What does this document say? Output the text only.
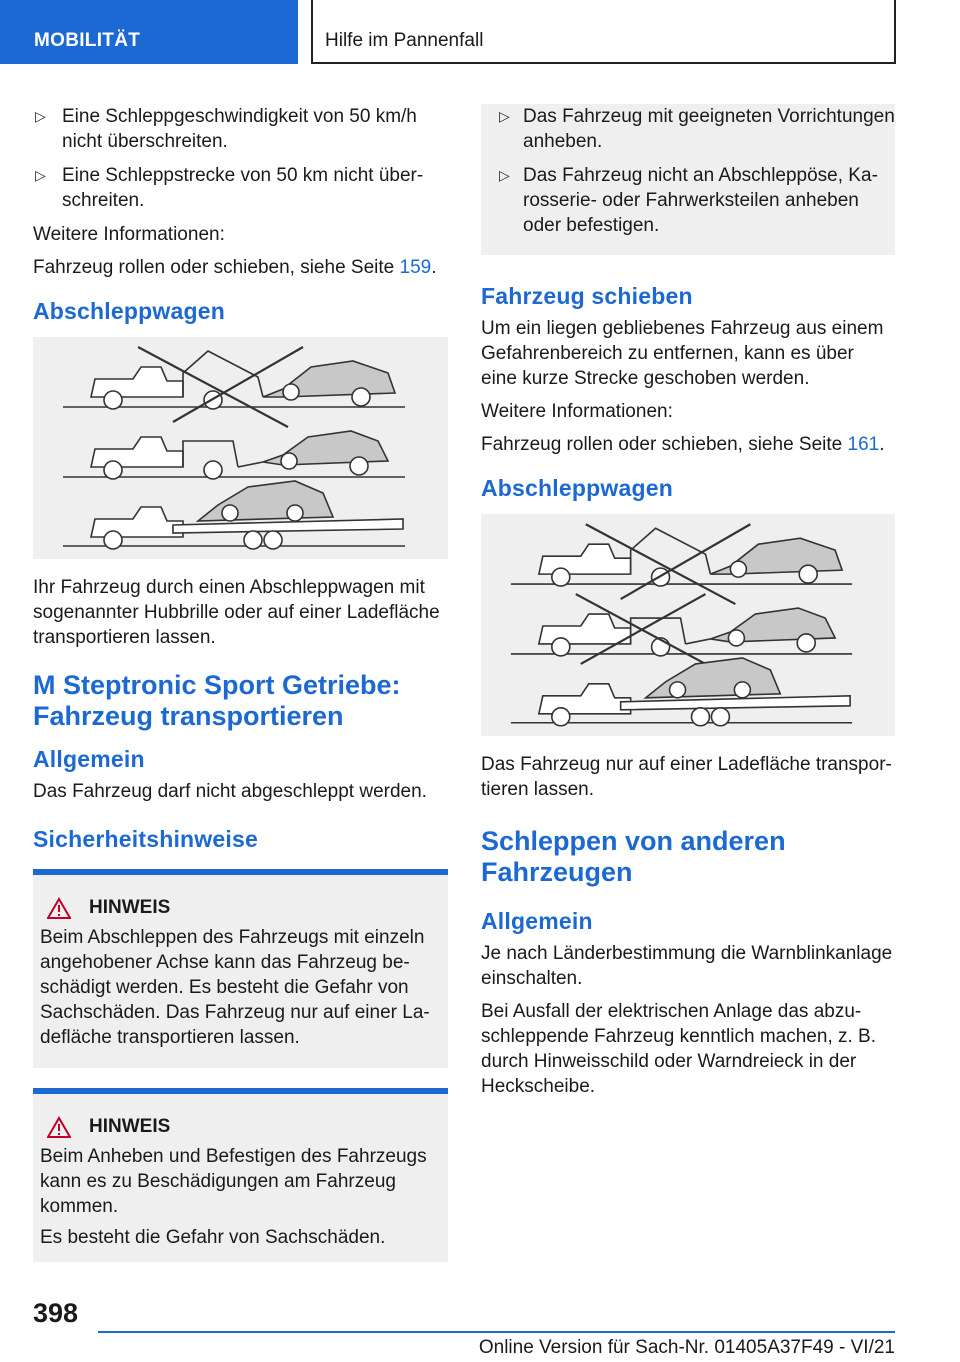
MOBILITÄT	Hilfe im Pannenfall
▷ Eine Schleppgeschwindigkeit von 50 km/h nicht überschreiten.
▷ Eine Schleppstrecke von 50 km nicht überschreiten.

Weitere Informationen:

Fahrzeug rollen oder schieben, siehe Seite 159.

Abschleppwagen

Ihr Fahrzeug durch einen Abschleppwagen mit sogenannter Hubbrille oder auf einer Ladefläche transportieren lassen.

M Steptronic Sport Getriebe: Fahrzeug transportieren
Allgemein

Das Fahrzeug darf nicht abgeschleppt werden.

Sicherheitshinweise
HINWEIS

Beim Abschleppen des Fahrzeugs mit einzeln angehobener Achse kann das Fahrzeug beschädigt werden. Es besteht die Gefahr von Sachschäden. Das Fahrzeug nur auf einer Ladefläche transportieren lassen.

HINWEIS

Beim Anheben und Befestigen des Fahrzeugs kann es zu Beschädigungen am Fahrzeug kommen.

Es besteht die Gefahr von Sachschäden.

▷ Das Fahrzeug mit geeigneten Vorrichtungen anheben.
▷ Das Fahrzeug nicht an Abschleppöse, Karosserie- oder Fahrwerksteilen anheben oder befestigen.
Fahrzeug schieben

Um ein liegen gebliebenes Fahrzeug aus einem Gefahrenbereich zu entfernen, kann es über eine kurze Strecke geschoben werden.

Weitere Informationen:

Fahrzeug rollen oder schieben, siehe Seite 161.

Abschleppwagen

Das Fahrzeug nur auf einer Ladefläche transportieren lassen.

Schleppen von anderen Fahrzeugen
Allgemein

Je nach Länderbestimmung die Warnblinkanlage einschalten.

Bei Ausfall der elektrischen Anlage das abzuschleppende Fahrzeug kenntlich machen, z. B. durch Hinweisschild oder Warndreieck in der Heckscheibe.

398
Online Version für Sach-Nr. 01405A37F49 - VI/21
